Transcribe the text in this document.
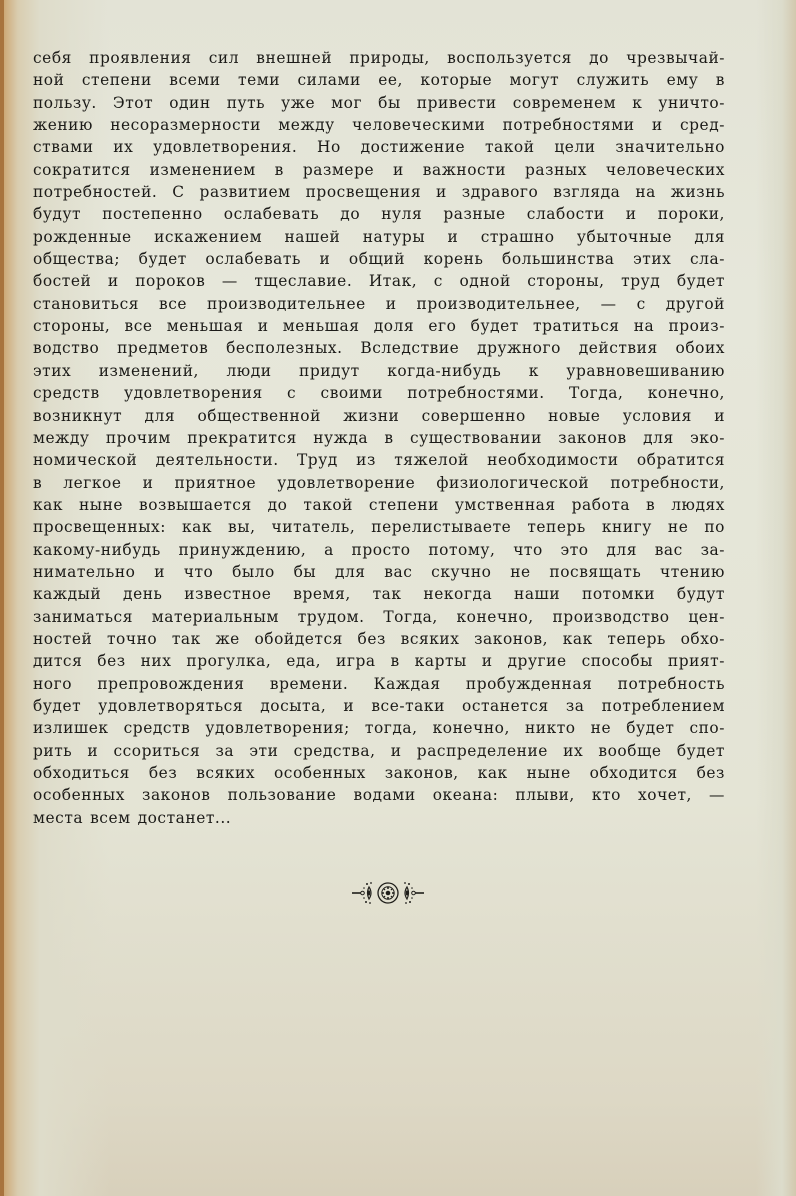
себя проявления сил внешней природы, воспользуется до чрезвычай-
ной степени всеми теми силами ее, которые могут служить ему в
пользу. Этот один путь уже мог бы привести современем к уничто-
жению несоразмерности между человеческими потребностями и сред-
ствами их удовлетворения. Но достижение такой цели значительно
сократится изменением в размере и важности разных человеческих
потребностей. С развитием просвещения и здравого взгляда на жизнь
будут постепенно ослабевать до нуля разные слабости и пороки,
рожденные искажением нашей натуры и страшно убыточные для
общества; будет ослабевать и общий корень большинства этих сла-
бостей и пороков — тщеславие. Итак, с одной стороны, труд будет
становиться все производительнее и производительнее, — с другой
стороны, все меньшая и меньшая доля его будет тратиться на произ-
водство предметов бесполезных. Вследствие дружного действия обоих
этих изменений, люди придут когда-нибудь к уравновешиванию
средств удовлетворения с своими потребностями. Тогда, конечно,
возникнут для общественной жизни совершенно новые условия и
между прочим прекратится нужда в существовании законов для эко-
номической деятельности. Труд из тяжелой необходимости обратится
в легкое и приятное удовлетворение физиологической потребности,
как ныне возвышается до такой степени умственная работа в людях
просвещенных: как вы, читатель, перелистываете теперь книгу не по
какому-нибудь принуждению, а просто потому, что это для вас за-
нимательно и что было бы для вас скучно не посвящать чтению
каждый день известное время, так некогда наши потомки будут
заниматься материальным трудом. Тогда, конечно, производство цен-
ностей точно так же обойдется без всяких законов, как теперь обхо-
дится без них прогулка, еда, игра в карты и другие способы прият-
ного препровождения времени. Каждая пробужденная потребность
будет удовлетворяться досыта, и все-таки останется за потреблением
излишек средств удовлетворения; тогда, конечно, никто не будет спо-
рить и ссориться за эти средства, и распределение их вообще будет
обходиться без всяких особенных законов, как ныне обходится без
особенных законов пользование водами океана: плыви, кто хочет, —
места всем достанет...
